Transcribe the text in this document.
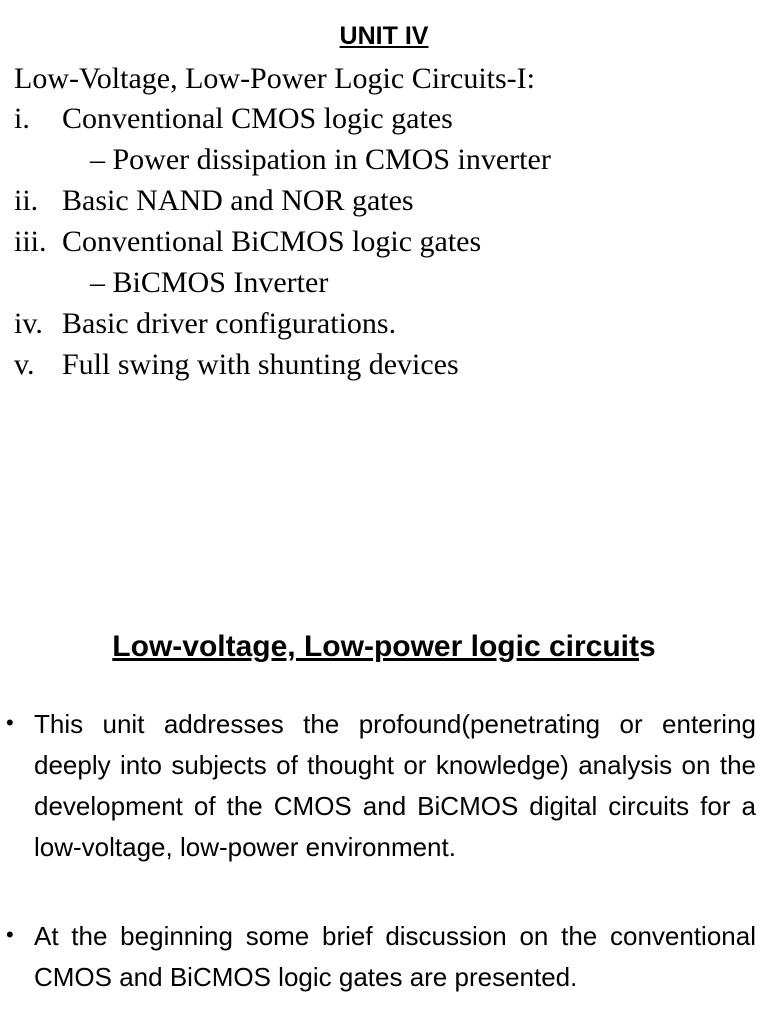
UNIT IV
Low-Voltage, Low-Power Logic Circuits-I:
i. Conventional CMOS logic gates
– Power dissipation in CMOS inverter
ii. Basic NAND and NOR gates
iii. Conventional BiCMOS logic gates
– BiCMOS Inverter
iv. Basic driver configurations.
v. Full swing with shunting devices
Low-voltage, Low-power logic circuits
• This unit addresses the profound(penetrating or entering deeply into subjects of thought or knowledge) analysis on the development of the CMOS and BiCMOS digital circuits for a low-voltage, low-power environment.
• At the beginning some brief discussion on the conventional CMOS and BiCMOS logic gates are presented.
